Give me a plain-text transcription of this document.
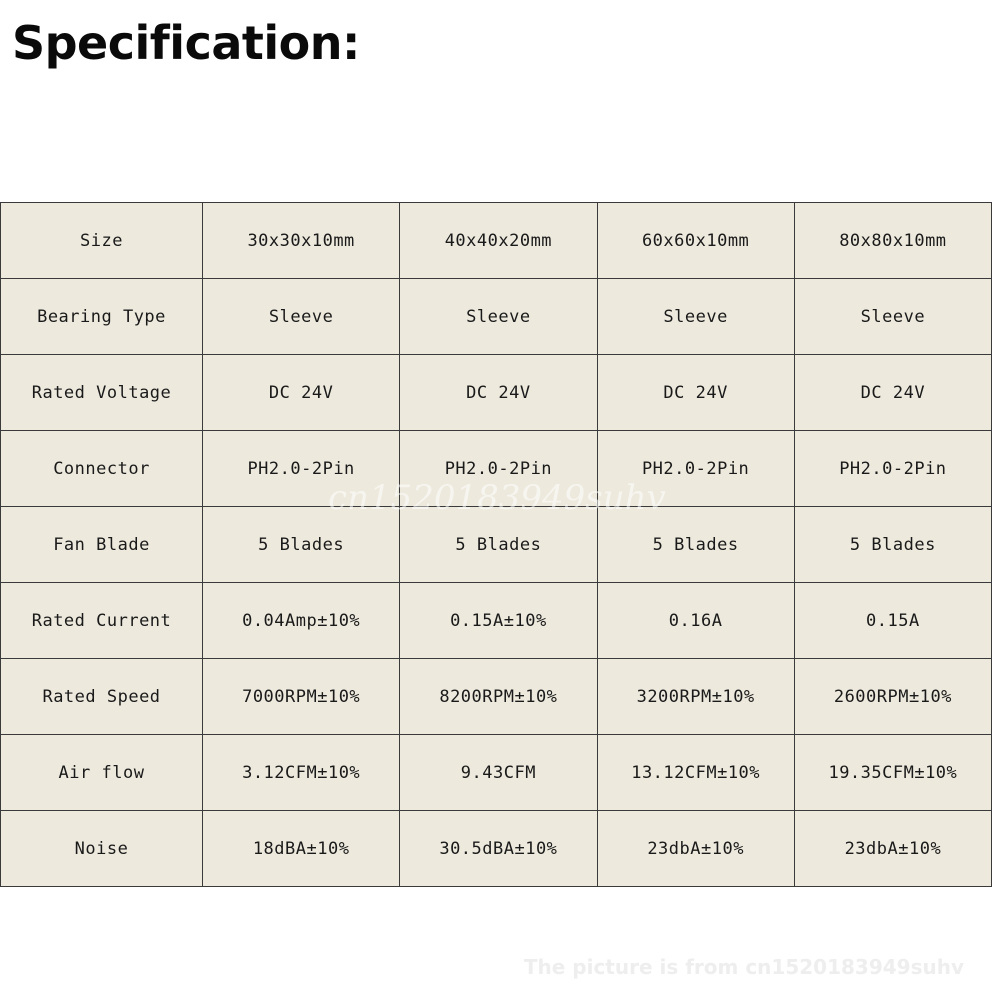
Specification:
Size	30x30x10mm	40x40x20mm	60x60x10mm	80x80x10mm
Bearing Type	Sleeve	Sleeve	Sleeve	Sleeve
Rated Voltage	DC 24V	DC 24V	DC 24V	DC 24V
Connector	PH2.0-2Pin	PH2.0-2Pin	PH2.0-2Pin	PH2.0-2Pin
Fan Blade	5 Blades	5 Blades	5 Blades	5 Blades
Rated Current	0.04Amp±10%	0.15A±10%	0.16A	0.15A
Rated Speed	7000RPM±10%	8200RPM±10%	3200RPM±10%	2600RPM±10%
Air flow	3.12CFM±10%	9.43CFM	13.12CFM±10%	19.35CFM±10%
Noise	18dBA±10%	30.5dBA±10%	23dbA±10%	23dbA±10%
cn1520183949suhv
The picture is from cn1520183949suhv
